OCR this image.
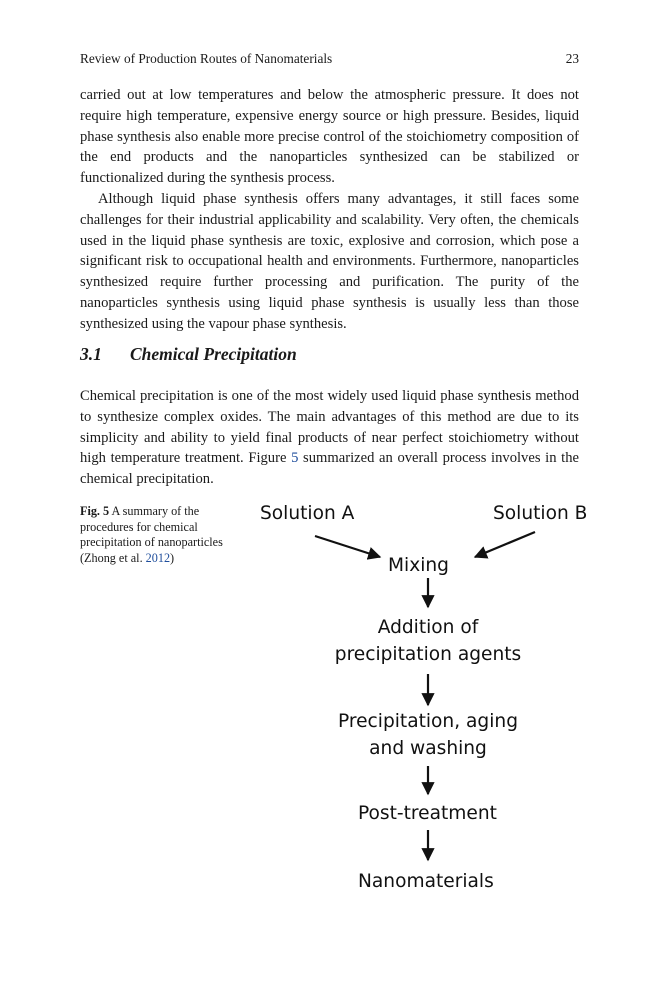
Review of Production Routes of Nanomaterials	23

carried out at low temperatures and below the atmospheric pressure. It does not require high temperature, expensive energy source or high pressure. Besides, liquid phase synthesis also enable more precise control of the stoichiometry composition of the end products and the nanoparticles synthesized can be stabilized or functionalized during the synthesis process.

Although liquid phase synthesis offers many advantages, it still faces some challenges for their industrial applicability and scalability. Very often, the chemicals used in the liquid phase synthesis are toxic, explosive and corrosion, which pose a significant risk to occupational health and environments. Furthermore, nanoparticles synthesized require further processing and purification. The purity of the nanoparticles synthesis using liquid phase synthesis is usually less than those synthesized using the vapour phase synthesis.

3.1 Chemical Precipitation

Chemical precipitation is one of the most widely used liquid phase synthesis method to synthesize complex oxides. The main advantages of this method are due to its simplicity and ability to yield final products of near perfect stoichiometry without high temperature treatment. Figure 5 summarized an overall process involves in the chemical precipitation.

Fig. 5 A summary of the procedures for chemical precipitation of nanoparticles (Zhong et al. 2012)

Solution A	Solution B
Mixing
Addition of
precipitation agents
Precipitation, aging
and washing
Post-treatment
Nanomaterials
